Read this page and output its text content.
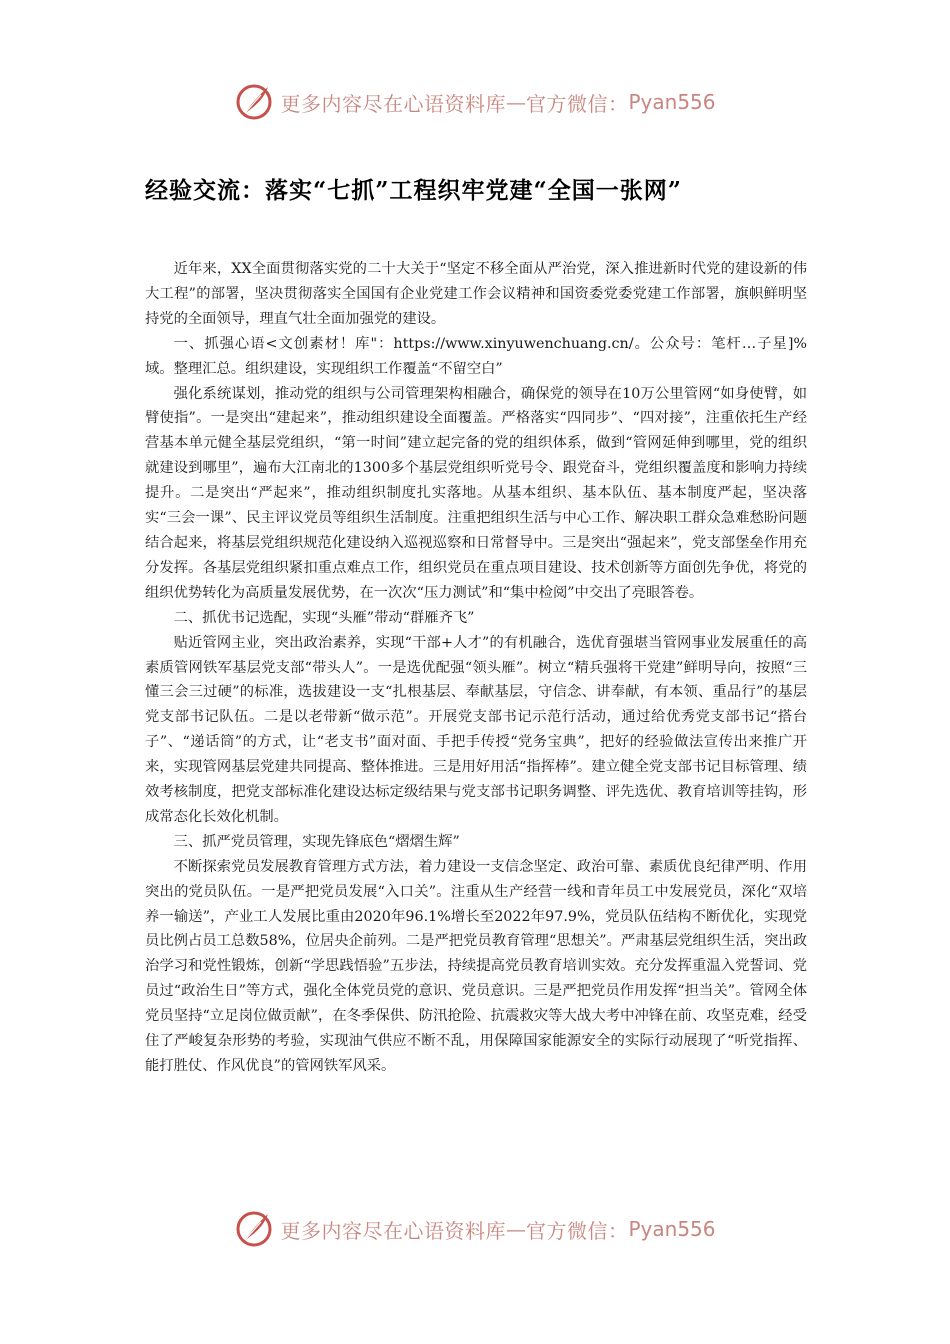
更多内容尽在心语资料库 — 官方微信： Pyan556
经验交流：落实“七抓”工程织牢党建“全国一张网”

近年来，XX全面贯彻落实党的二十大关于“坚定不移全面从严治党，深入推进新时代党的建设新的伟大工程”的部署，坚决贯彻落实全国国有企业党建工作会议精神和国资委党委党建工作部署，旗帜鲜明坚持党的全面领导，理直气壮全面加强党的建设。

一、抓强心语<文创素材！库"：https://www.xinyuwenchuang.cn/。公众号：笔杆…子星]%域。整理汇总。组织建设，实现组织工作覆盖“不留空白”

强化系统谋划，推动党的组织与公司管理架构相融合，确保党的领导在10万公里管网“如身使臂，如臂使指”。一是突出“建起来”，推动组织建设全面覆盖。严格落实“四同步”、“四对接”，注重依托生产经营基本单元健全基层党组织，“第一时间”建立起完备的党的组织体系，做到“管网延伸到哪里，党的组织就建设到哪里”，遍布大江南北的1300多个基层党组织听党号令、跟党奋斗，党组织覆盖度和影响力持续提升。二是突出“严起来”，推动组织制度扎实落地。从基本组织、基本队伍、基本制度严起，坚决落实“三会一课”、民主评议党员等组织生活制度。注重把组织生活与中心工作、解决职工群众急难愁盼问题结合起来，将基层党组织规范化建设纳入巡视巡察和日常督导中。三是突出“强起来”，党支部堡垒作用充分发挥。各基层党组织紧扣重点难点工作，组织党员在重点项目建设、技术创新等方面创先争优，将党的组织优势转化为高质量发展优势，在一次次“压力测试”和“集中检阅”中交出了亮眼答卷。

二、抓优书记选配，实现“头雁”带动“群雁齐飞”

贴近管网主业，突出政治素养，实现“干部+人才”的有机融合，选优育强堪当管网事业发展重任的高素质管网铁军基层党支部“带头人”。一是选优配强“领头雁”。树立“精兵强将干党建”鲜明导向，按照“三懂三会三过硬”的标准，选拔建设一支“扎根基层、奉献基层，守信念、讲奉献，有本领、重品行”的基层党支部书记队伍。二是以老带新“做示范”。开展党支部书记示范行活动，通过给优秀党支部书记“搭台子”、“递话筒”的方式，让“老支书”面对面、手把手传授“党务宝典”，把好的经验做法宣传出来推广开来，实现管网基层党建共同提高、整体推进。三是用好用活“指挥棒”。建立健全党支部书记目标管理、绩效考核制度，把党支部标准化建设达标定级结果与党支部书记职务调整、评先选优、教育培训等挂钩，形成常态化长效化机制。

三、抓严党员管理，实现先锋底色“熠熠生辉”

不断探索党员发展教育管理方式方法，着力建设一支信念坚定、政治可靠、素质优良纪律严明、作用突出的党员队伍。一是严把党员发展“入口关”。注重从生产经营一线和青年员工中发展党员，深化“双培养一输送”，产业工人发展比重由2020年96.1%增长至2022年97.9%，党员队伍结构不断优化，实现党员比例占员工总数58%，位居央企前列。二是严把党员教育管理“思想关”。严肃基层党组织生活，突出政治学习和党性锻炼，创新“学思践悟验”五步法，持续提高党员教育培训实效。充分发挥重温入党誓词、党员过“政治生日”等方式，强化全体党员党的意识、党员意识。三是严把党员作用发挥“担当关”。管网全体党员坚持“立足岗位做贡献”，在冬季保供、防汛抢险、抗震救灾等大战大考中冲锋在前、攻坚克难，经受住了严峻复杂形势的考验，实现油气供应不断不乱，用保障国家能源安全的实际行动展现了“听党指挥、能打胜仗、作风优良”的管网铁军风采。

更多内容尽在心语资料库 — 官方微信： Pyan556
